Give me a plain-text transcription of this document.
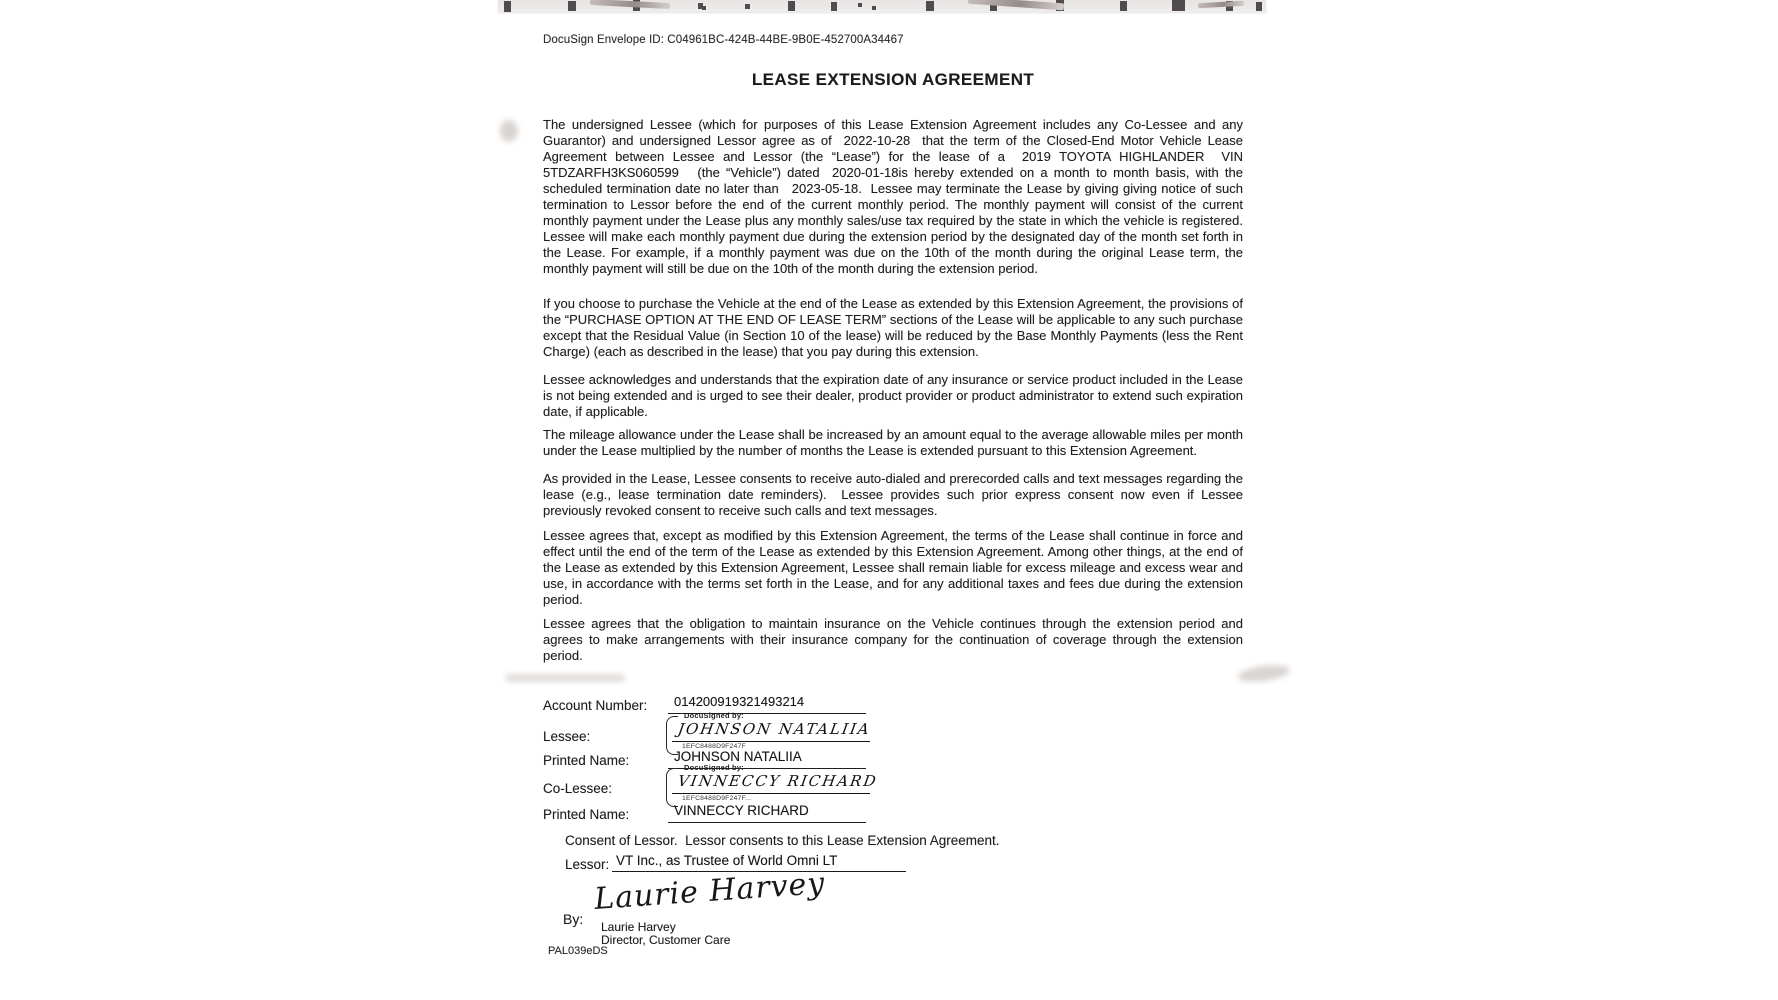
DocuSign Envelope ID: C04961BC-424B-44BE-9B0E-452700A34467
LEASE EXTENSION AGREEMENT

The undersigned Lessee (which for purposes of this Lease Extension Agreement includes any Co-Lessee and any Guarantor) and undersigned Lessor agree as of  2022-10-28  that the term of the Closed-End Motor Vehicle Lease Agreement between Lessee and Lessor (the “Lease”) for the lease of a  2019 TOYOTA HIGHLANDER  VIN  5TDZARFH3KS060599   (the “Vehicle”) dated  2020-01-18is hereby extended on a month to month basis, with the scheduled termination date no later than   2023-05-18.  Lessee may terminate the Lease by giving giving notice of such termination to Lessor before the end of the current monthly period. The monthly payment will consist of the current monthly payment under the Lease plus any monthly sales/use tax required by the state in which the vehicle is registered. Lessee will make each monthly payment due during the extension period by the designated day of the month set forth in the Lease. For example, if a monthly payment was due on the 10th of the month during the original Lease term, the monthly payment will still be due on the 10th of the month during the extension period.

If you choose to purchase the Vehicle at the end of the Lease as extended by this Extension Agreement, the provisions of the “PURCHASE OPTION AT THE END OF LEASE TERM” sections of the Lease will be applicable to any such purchase except that the Residual Value (in Section 10 of the lease) will be reduced by the Base Monthly Payments (less the Rent Charge) (each as described in the lease) that you pay during this extension.

Lessee acknowledges and understands that the expiration date of any insurance or service product included in the Lease is not being extended and is urged to see their dealer, product provider or product administrator to extend such expiration date, if applicable.

The mileage allowance under the Lease shall be increased by an amount equal to the average allowable miles per month under the Lease multiplied by the number of months the Lease is extended pursuant to this Extension Agreement.

As provided in the Lease, Lessee consents to receive auto-dialed and prerecorded calls and text messages regarding the lease (e.g., lease termination date reminders).  Lessee provides such prior express consent now even if Lessee previously revoked consent to receive such calls and text messages.

Lessee agrees that, except as modified by this Extension Agreement, the terms of the Lease shall continue in force and effect until the end of the term of the Lease as extended by this Extension Agreement. Among other things, at the end of the Lease as extended by this Extension Agreement, Lessee shall remain liable for excess mileage and excess wear and use, in accordance with the terms set forth in the Lease, and for any additional taxes and fees due during the extension period.

Lessee agrees that the obligation to maintain insurance on the Vehicle continues through the extension period and agrees to make arrangements with their insurance company for the continuation of coverage through the extension period.

Account Number:	014200919321493214
Lessee:
DocuSigned by:
JOHNSON NATALIIA
1EFC8488D9F247F
Printed Name:	JOHNSON NATALIIA
Co-Lessee:
DocuSigned by:
VINNECCY RICHARD
1EFC8488D9F247F...
Printed Name:	VINNECCY RICHARD
Consent of Lessor.  Lessor consents to this Lease Extension Agreement.
Lessor: VT Inc., as Trustee of World Omni LT
By:
Laurie Harvey
Laurie Harvey
Director, Customer Care
PAL039eDS
